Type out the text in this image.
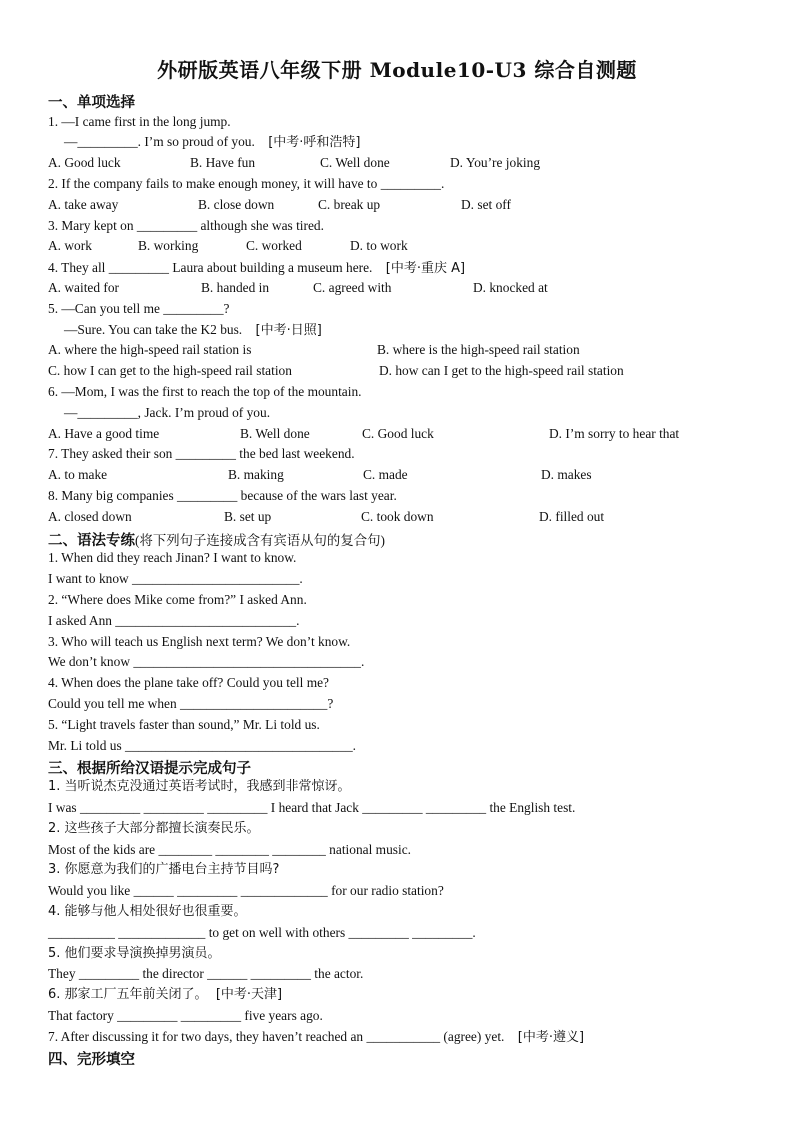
外研版英语八年级下册 Module10-U3 综合自测题
一、单项选择
1. —I came first in the long jump.
—_________. I’m so proud of you. [中考·呼和浩特]
A. Good luck	B. Have fun	C. Well done	D. You’re joking
2. If the company fails to make enough money, it will have to _________.
A. take away	B. close down	C. break up	D. set off
3. Mary kept on _________ although she was tired.
A. work	B. working	C. worked	D. to work
4. They all _________ Laura about building a museum here. [中考·重庆 A]
A. waited for	B. handed in	C. agreed with	D. knocked at
5. —Can you tell me _________?
—Sure. You can take the K2 bus. [中考·日照]
A. where the high-speed rail station is	B. where is the high-speed rail station
C. how I can get to the high-speed rail station	D. how can I get to the high-speed rail station
6. —Mom, I was the first to reach the top of the mountain.
—_________, Jack. I’m proud of you.
A. Have a good time	B. Well done	C. Good luck	D. I’m sorry to hear that
7. They asked their son _________ the bed last weekend.
A. to make	B. making	C. made	D. makes
8. Many big companies _________ because of the wars last year.
A. closed down	B. set up	C. took down	D. filled out
二、语法专练(将下列句子连接成含有宾语从句的复合句)
1. When did they reach Jinan? I want to know.
I want to know _________________________.
2. “Where does Mike come from?” I asked Ann.
I asked Ann ___________________________.
3. Who will teach us English next term? We don’t know.
We don’t know __________________________________.
4. When does the plane take off? Could you tell me?
Could you tell me when ______________________?
5. “Light travels faster than sound,” Mr. Li told us.
Mr. Li told us __________________________________.
三、根据所给汉语提示完成句子
1. 当听说杰克没通过英语考试时，我感到非常惊讶。
I was _________ _________ _________ I heard that Jack _________ _________ the English test.
2. 这些孩子大部分都擅长演奏民乐。
Most of the kids are ________ ________ ________ national music.
3. 你愿意为我们的广播电台主持节目吗?
Would you like ______ _________ _____________ for our radio station?
4. 能够与他人相处很好也很重要。
__________ _____________ to get on well with others _________ _________.
5. 他们要求导演换掉男演员。
They _________ the director ______ _________ the actor.
6. 那家工厂五年前关闭了。 [中考·天津]
That factory _________ _________ five years ago.
7. After discussing it for two days, they haven’t reached an ___________ (agree) yet. [中考·遵义]
四、完形填空
